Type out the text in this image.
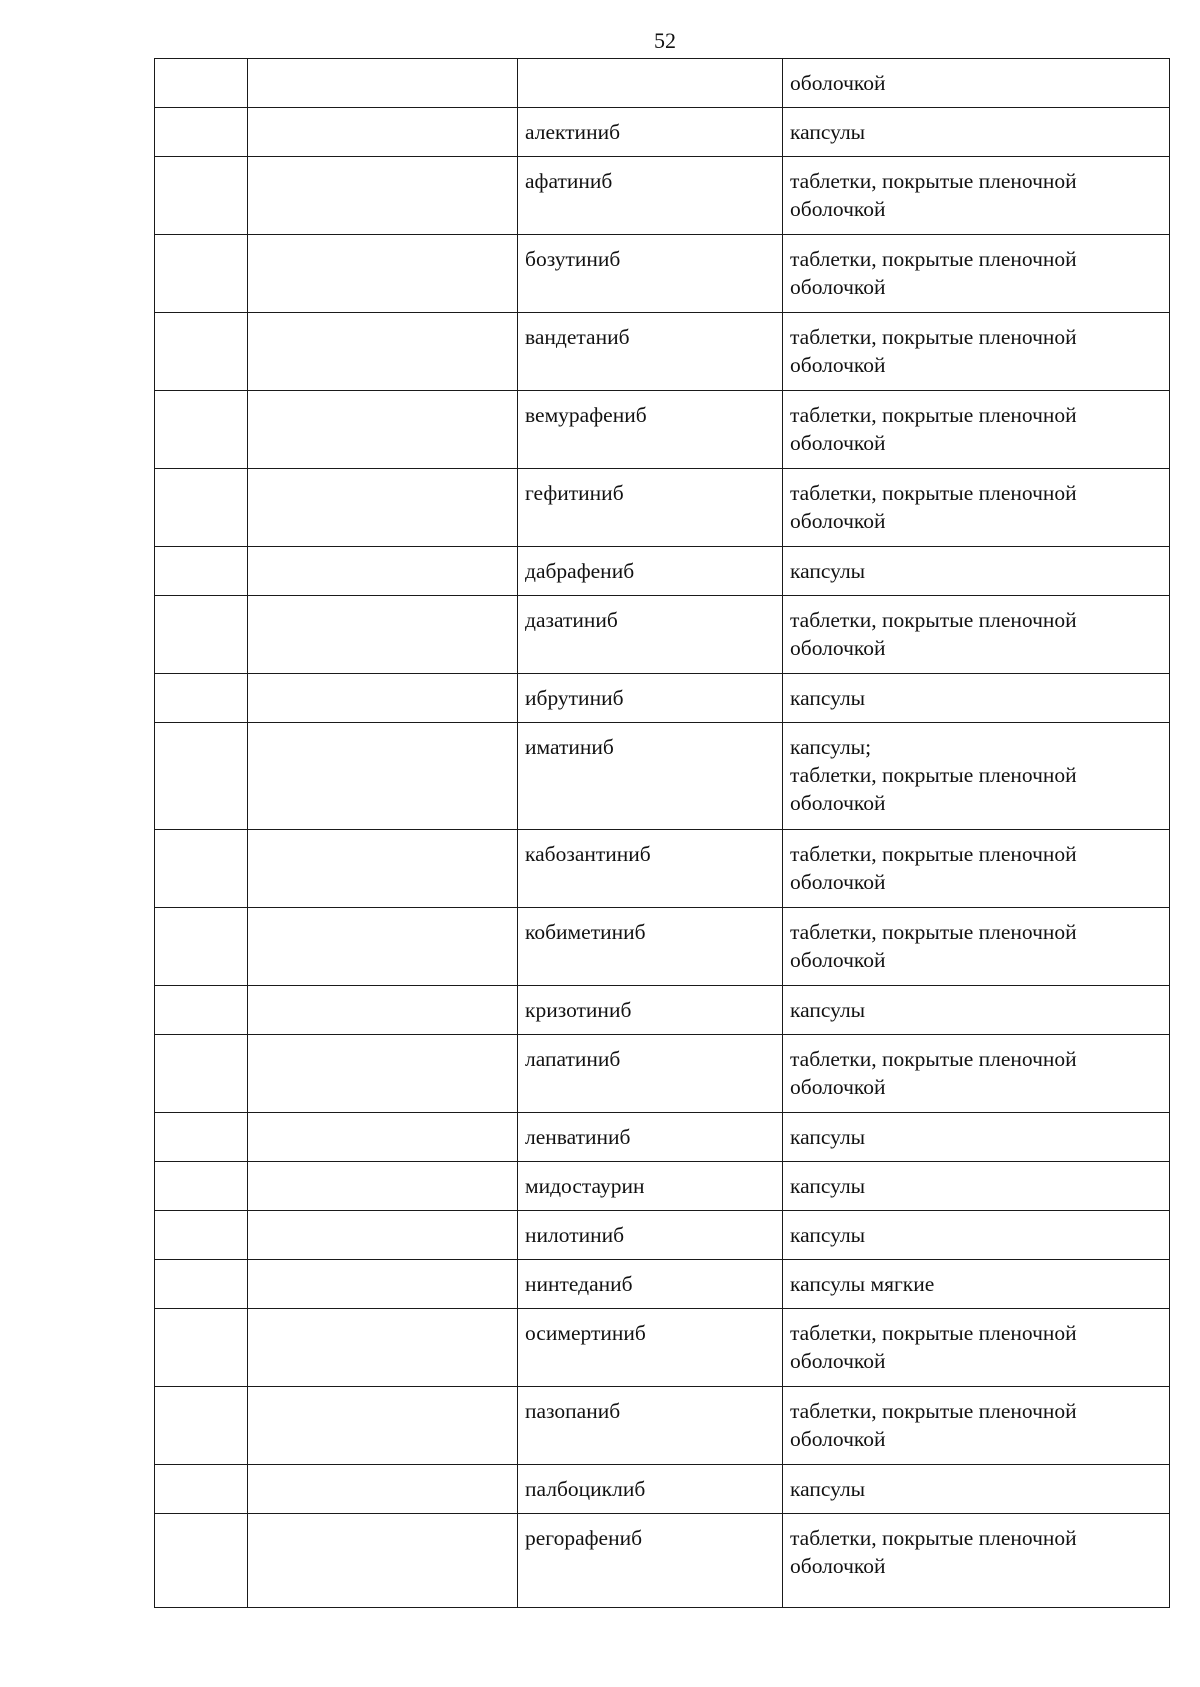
52
			оболочкой
		алектиниб	капсулы
		афатиниб	таблетки, покрытые пленочной
оболочкой
		бозутиниб	таблетки, покрытые пленочной
оболочкой
		вандетаниб	таблетки, покрытые пленочной
оболочкой
		вемурафениб	таблетки, покрытые пленочной
оболочкой
		гефитиниб	таблетки, покрытые пленочной
оболочкой
		дабрафениб	капсулы
		дазатиниб	таблетки, покрытые пленочной
оболочкой
		ибрутиниб	капсулы
		иматиниб	капсулы;
таблетки, покрытые пленочной
оболочкой
		кабозантиниб	таблетки, покрытые пленочной
оболочкой
		кобиметиниб	таблетки, покрытые пленочной
оболочкой
		кризотиниб	капсулы
		лапатиниб	таблетки, покрытые пленочной
оболочкой
		ленватиниб	капсулы
		мидостаурин	капсулы
		нилотиниб	капсулы
		нинтеданиб	капсулы мягкие
		осимертиниб	таблетки, покрытые пленочной
оболочкой
		пазопаниб	таблетки, покрытые пленочной
оболочкой
		палбоциклиб	капсулы
		регорафениб	таблетки, покрытые пленочной
оболочкой
